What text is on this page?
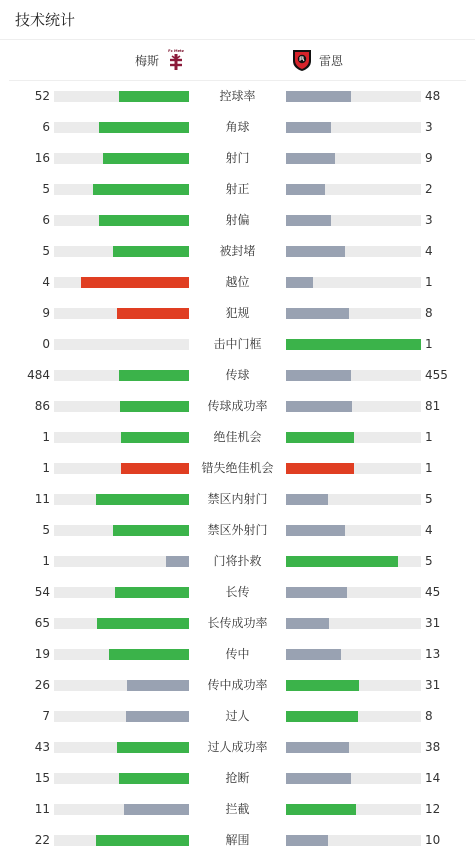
技术统计
梅斯
Fc Metz
雷恩
52	控球率	48
6	角球	3
16	射门	9
5	射正	2
6	射偏	3
5	被封堵	4
4	越位	1
9	犯规	8
0	击中门框	1
484	传球	455
86	传球成功率	81
1	绝佳机会	1
1	错失绝佳机会	1
11	禁区内射门	5
5	禁区外射门	4
1	门将扑救	5
54	长传	45
65	长传成功率	31
19	传中	13
26	传中成功率	31
7	过人	8
43	过人成功率	38
15	抢断	14
11	拦截	12
22	解围	10
